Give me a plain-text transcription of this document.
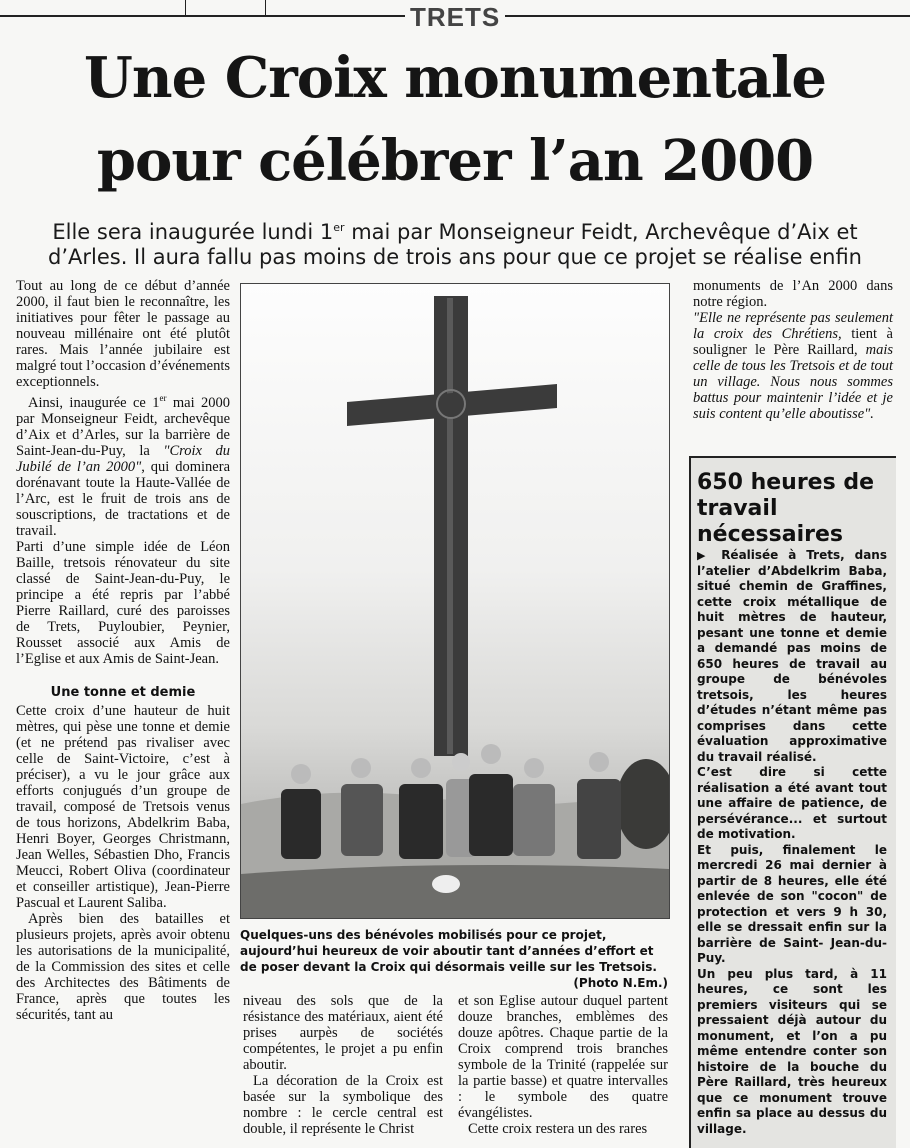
TRETS
Une Croix monumentale
pour célébrer l’an 2000
Elle sera inaugurée lundi 1er mai par Monseigneur Feidt, Archevêque d’Aix et
d’Arles. Il aura fallu pas moins de trois ans pour que ce projet se réalise enfin

Tout au long de ce début d’année 2000, il faut bien le reconnaître, les initiatives pour fêter le passage au nouveau millénaire ont été plutôt rares. Mais l’année jubilaire est malgré tout l’occasion d’événements exceptionnels.

Ainsi, inaugurée ce 1er mai 2000 par Monseigneur Feidt, archevêque d’Aix et d’Arles, sur la barrière de Saint-Jean-du-Puy, la "Croix du Jubilé de l’an 2000", qui dominera dorénavant toute la Haute-Vallée de l’Arc, est le fruit de trois ans de souscriptions, de tractations et de travail.

Parti d’une simple idée de Léon Baille, tretsois rénovateur du site classé de Saint-Jean-du-Puy, le principe a été repris par l’abbé Pierre Raillard, curé des paroisses de Trets, Puyloubier, Peynier, Rousset associé aux Amis de l’Eglise et aux Amis de Saint-Jean.

Une tonne et demie

Cette croix d’une hauteur de huit mètres, qui pèse une tonne et demie (et ne prétend pas rivaliser avec celle de Saint-Victoire, c’est à préciser), a vu le jour grâce aux efforts conjugués d’un groupe de travail, composé de Tretsois venus de tous horizons, Abdelkrim Baba, Henri Boyer, Georges Christmann, Jean Welles, Sébastien Dho, Francis Meucci, Robert Oliva (coordinateur et conseiller artistique), Jean-Pierre Pascual et Laurent Saliba.

Après bien des batailles et plusieurs projets, après avoir obtenu les autorisations de la municipalité, de la Commission des sites et celle des Architectes des Bâtiments de France, après que toutes les sécurités, tant au

Quelques-uns des bénévoles mobilisés pour ce projet, aujourd’hui heureux de voir aboutir tant d’années d’effort et de poser devant la Croix qui désormais veille sur les Tretsois.
(Photo N.Em.)

niveau des sols que de la résistance des matériaux, aient été prises aurpès de sociétés compétentes, le projet a pu enfin aboutir.

La décoration de la Croix est basée sur la symbolique des nombre : le cercle central est double, il représente le Christ

et son Eglise autour duquel partent douze branches, emblèmes des douze apôtres. Chaque partie de la Croix comprend trois branches symbole de la Trinité (rappelée sur la partie basse) et quatre intervalles : le symbole des quatre évangélistes.

Cette croix restera un des rares

monuments de l’An 2000 dans notre région.

"Elle ne représente pas seulement la croix des Chrétiens, tient à souligner le Père Raillard, mais celle de tous les Tretsois et de tout un village. Nous nous sommes battus pour maintenir l’idée et je suis content qu’elle aboutisse".

650 heures de travail nécessaires

▶ Réalisée à Trets, dans l’atelier d’Abdelkrim Baba, situé chemin de Graffines, cette croix métallique de huit mètres de hauteur, pesant une tonne et demie a demandé pas moins de 650 heures de travail au groupe de bénévoles tretsois, les heures d’études n’étant même pas comprises dans cette évaluation approximative du travail réalisé.

C’est dire si cette réalisation a été avant tout une affaire de patience, de persévérance... et surtout de motivation.

Et puis, finalement le mercredi 26 mai dernier à partir de 8 heures, elle été enlevée de son "cocon" de protection et vers 9 h 30, elle se dressait enfin sur la barrière de Saint- Jean-du-Puy.

Un peu plus tard, à 11 heures, ce sont les premiers visiteurs qui se pressaient déjà autour du monument, et l’on a pu même entendre conter son histoire de la bouche du Père Raillard, très heureux que ce monument trouve enfin sa place au dessus du village.
